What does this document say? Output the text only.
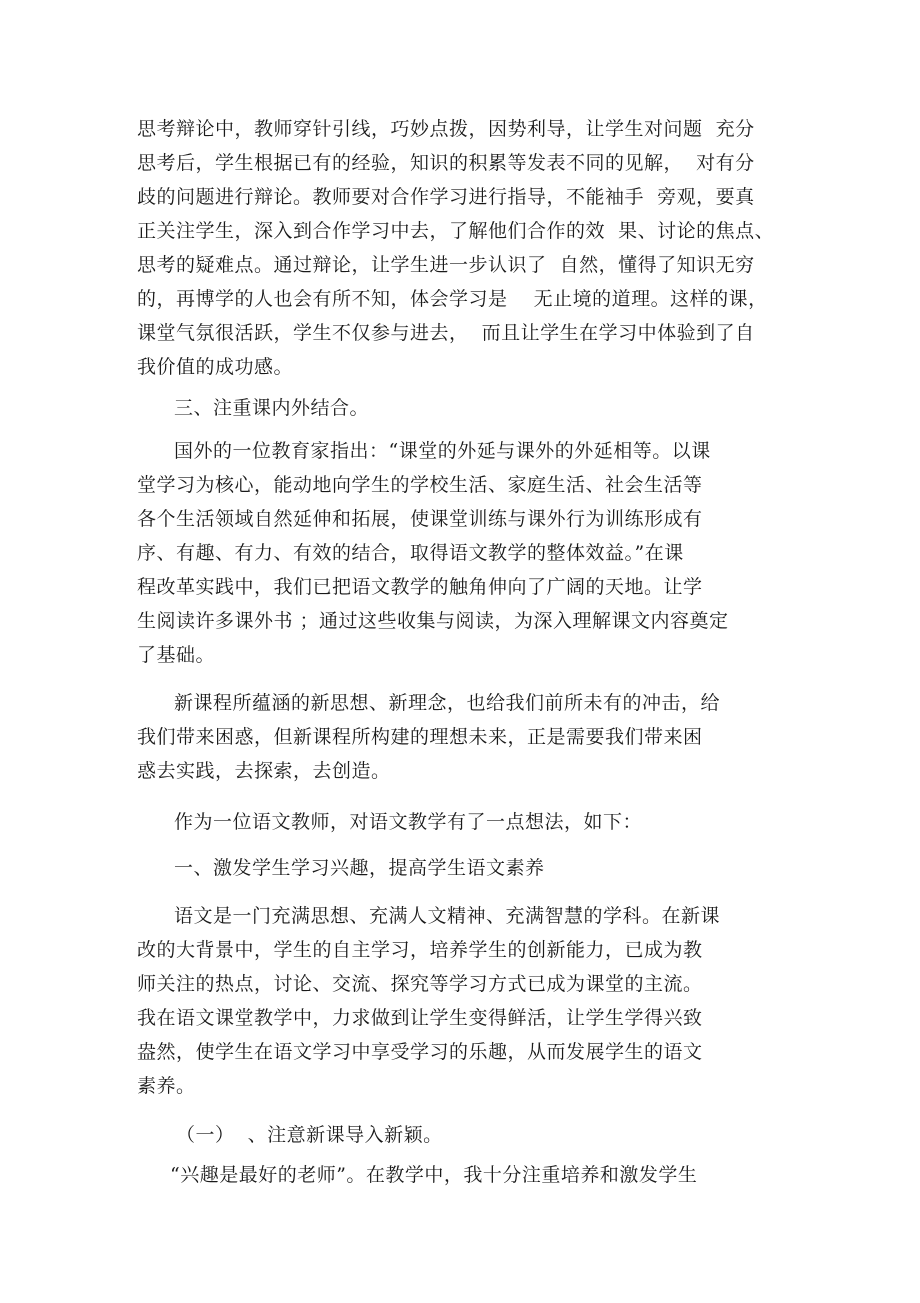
思考辩论中，教师穿针引线，巧妙点拨，因势利导，让学生对问题  充分
思考后，学生根据已有的经验，知识的积累等发表不同的见解，  对有分
歧的问题进行辩论。教师要对合作学习进行指导，不能袖手  旁观，要真
正关注学生，深入到合作学习中去，了解他们合作的效  果、讨论的焦点、
思考的疑难点。通过辩论，让学生进一步认识了  自然，懂得了知识无穷
的，再博学的人也会有所不知，体会学习是    无止境的道理。这样的课，
课堂气氛很活跃，学生不仅参与进去，  而且让学生在学习中体验到了自
我价值的成功感。
三、注重课内外结合。
国外的一位教育家指出：“课堂的外延与课外的外延相等。以课
堂学习为核心，能动地向学生的学校生活、家庭生活、社会生活等
各个生活领域自然延伸和拓展，使课堂训练与课外行为训练形成有
序、有趣、有力、有效的结合，取得语文教学的整体效益。”在课
程改革实践中，我们已把语文教学的触角伸向了广阔的天地。让学
生阅读许多课外书 ；通过这些收集与阅读，为深入理解课文内容奠定
了基础。
新课程所蕴涵的新思想、新理念，也给我们前所未有的冲击，给
我们带来困惑，但新课程所构建的理想未来，正是需要我们带来困
惑去实践，去探索，去创造。
作为一位语文教师，对语文教学有了一点想法，如下：
一、激发学生学习兴趣，提高学生语文素养
语文是一门充满思想、充满人文精神、充满智慧的学科。在新课
改的大背景中，学生的自主学习，培养学生的创新能力，已成为教
师关注的热点，讨论、交流、探究等学习方式已成为课堂的主流。
我在语文课堂教学中，力求做到让学生变得鲜活，让学生学得兴致
盎然，使学生在语文学习中享受学习的乐趣，从而发展学生的语文
素养。
（一）  、注意新课导入新颖。
“兴趣是最好的老师”。在教学中，我十分注重培养和激发学生
